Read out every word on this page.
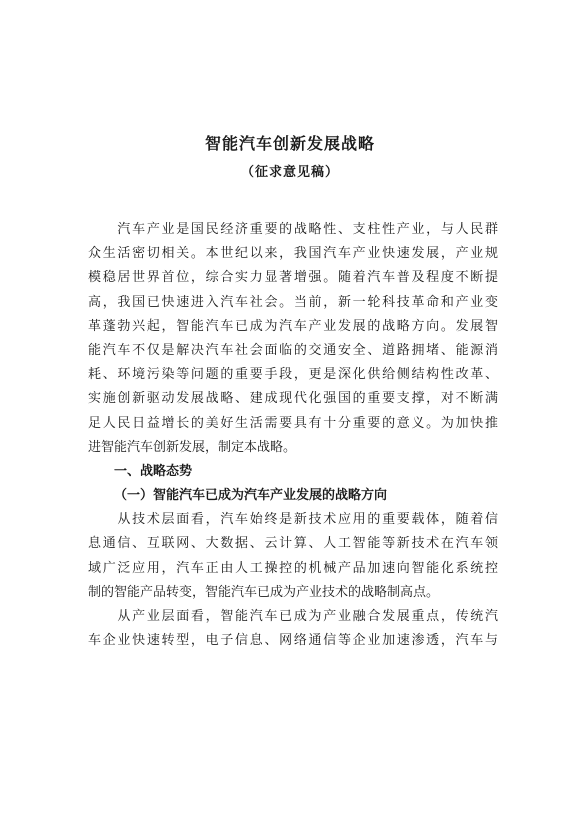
智能汽车创新发展战略
（征求意见稿）
　　汽车产业是国民经济重要的战略性、支柱性产业，与人民群
众生活密切相关。本世纪以来，我国汽车产业快速发展，产业规
模稳居世界首位，综合实力显著增强。随着汽车普及程度不断提
高，我国已快速进入汽车社会。当前，新一轮科技革命和产业变
革蓬勃兴起，智能汽车已成为汽车产业发展的战略方向。发展智
能汽车不仅是解决汽车社会面临的交通安全、道路拥堵、能源消
耗、环境污染等问题的重要手段，更是深化供给侧结构性改革、
实施创新驱动发展战略、建成现代化强国的重要支撑，对不断满
足人民日益增长的美好生活需要具有十分重要的意义。为加快推
进智能汽车创新发展，制定本战略。
一、战略态势
（一）智能汽车已成为汽车产业发展的战略方向
　　从技术层面看，汽车始终是新技术应用的重要载体，随着信
息通信、互联网、大数据、云计算、人工智能等新技术在汽车领
域广泛应用，汽车正由人工操控的机械产品加速向智能化系统控
制的智能产品转变，智能汽车已成为产业技术的战略制高点。
　　从产业层面看，智能汽车已成为产业融合发展重点，传统汽
车企业快速转型，电子信息、网络通信等企业加速渗透，汽车与
